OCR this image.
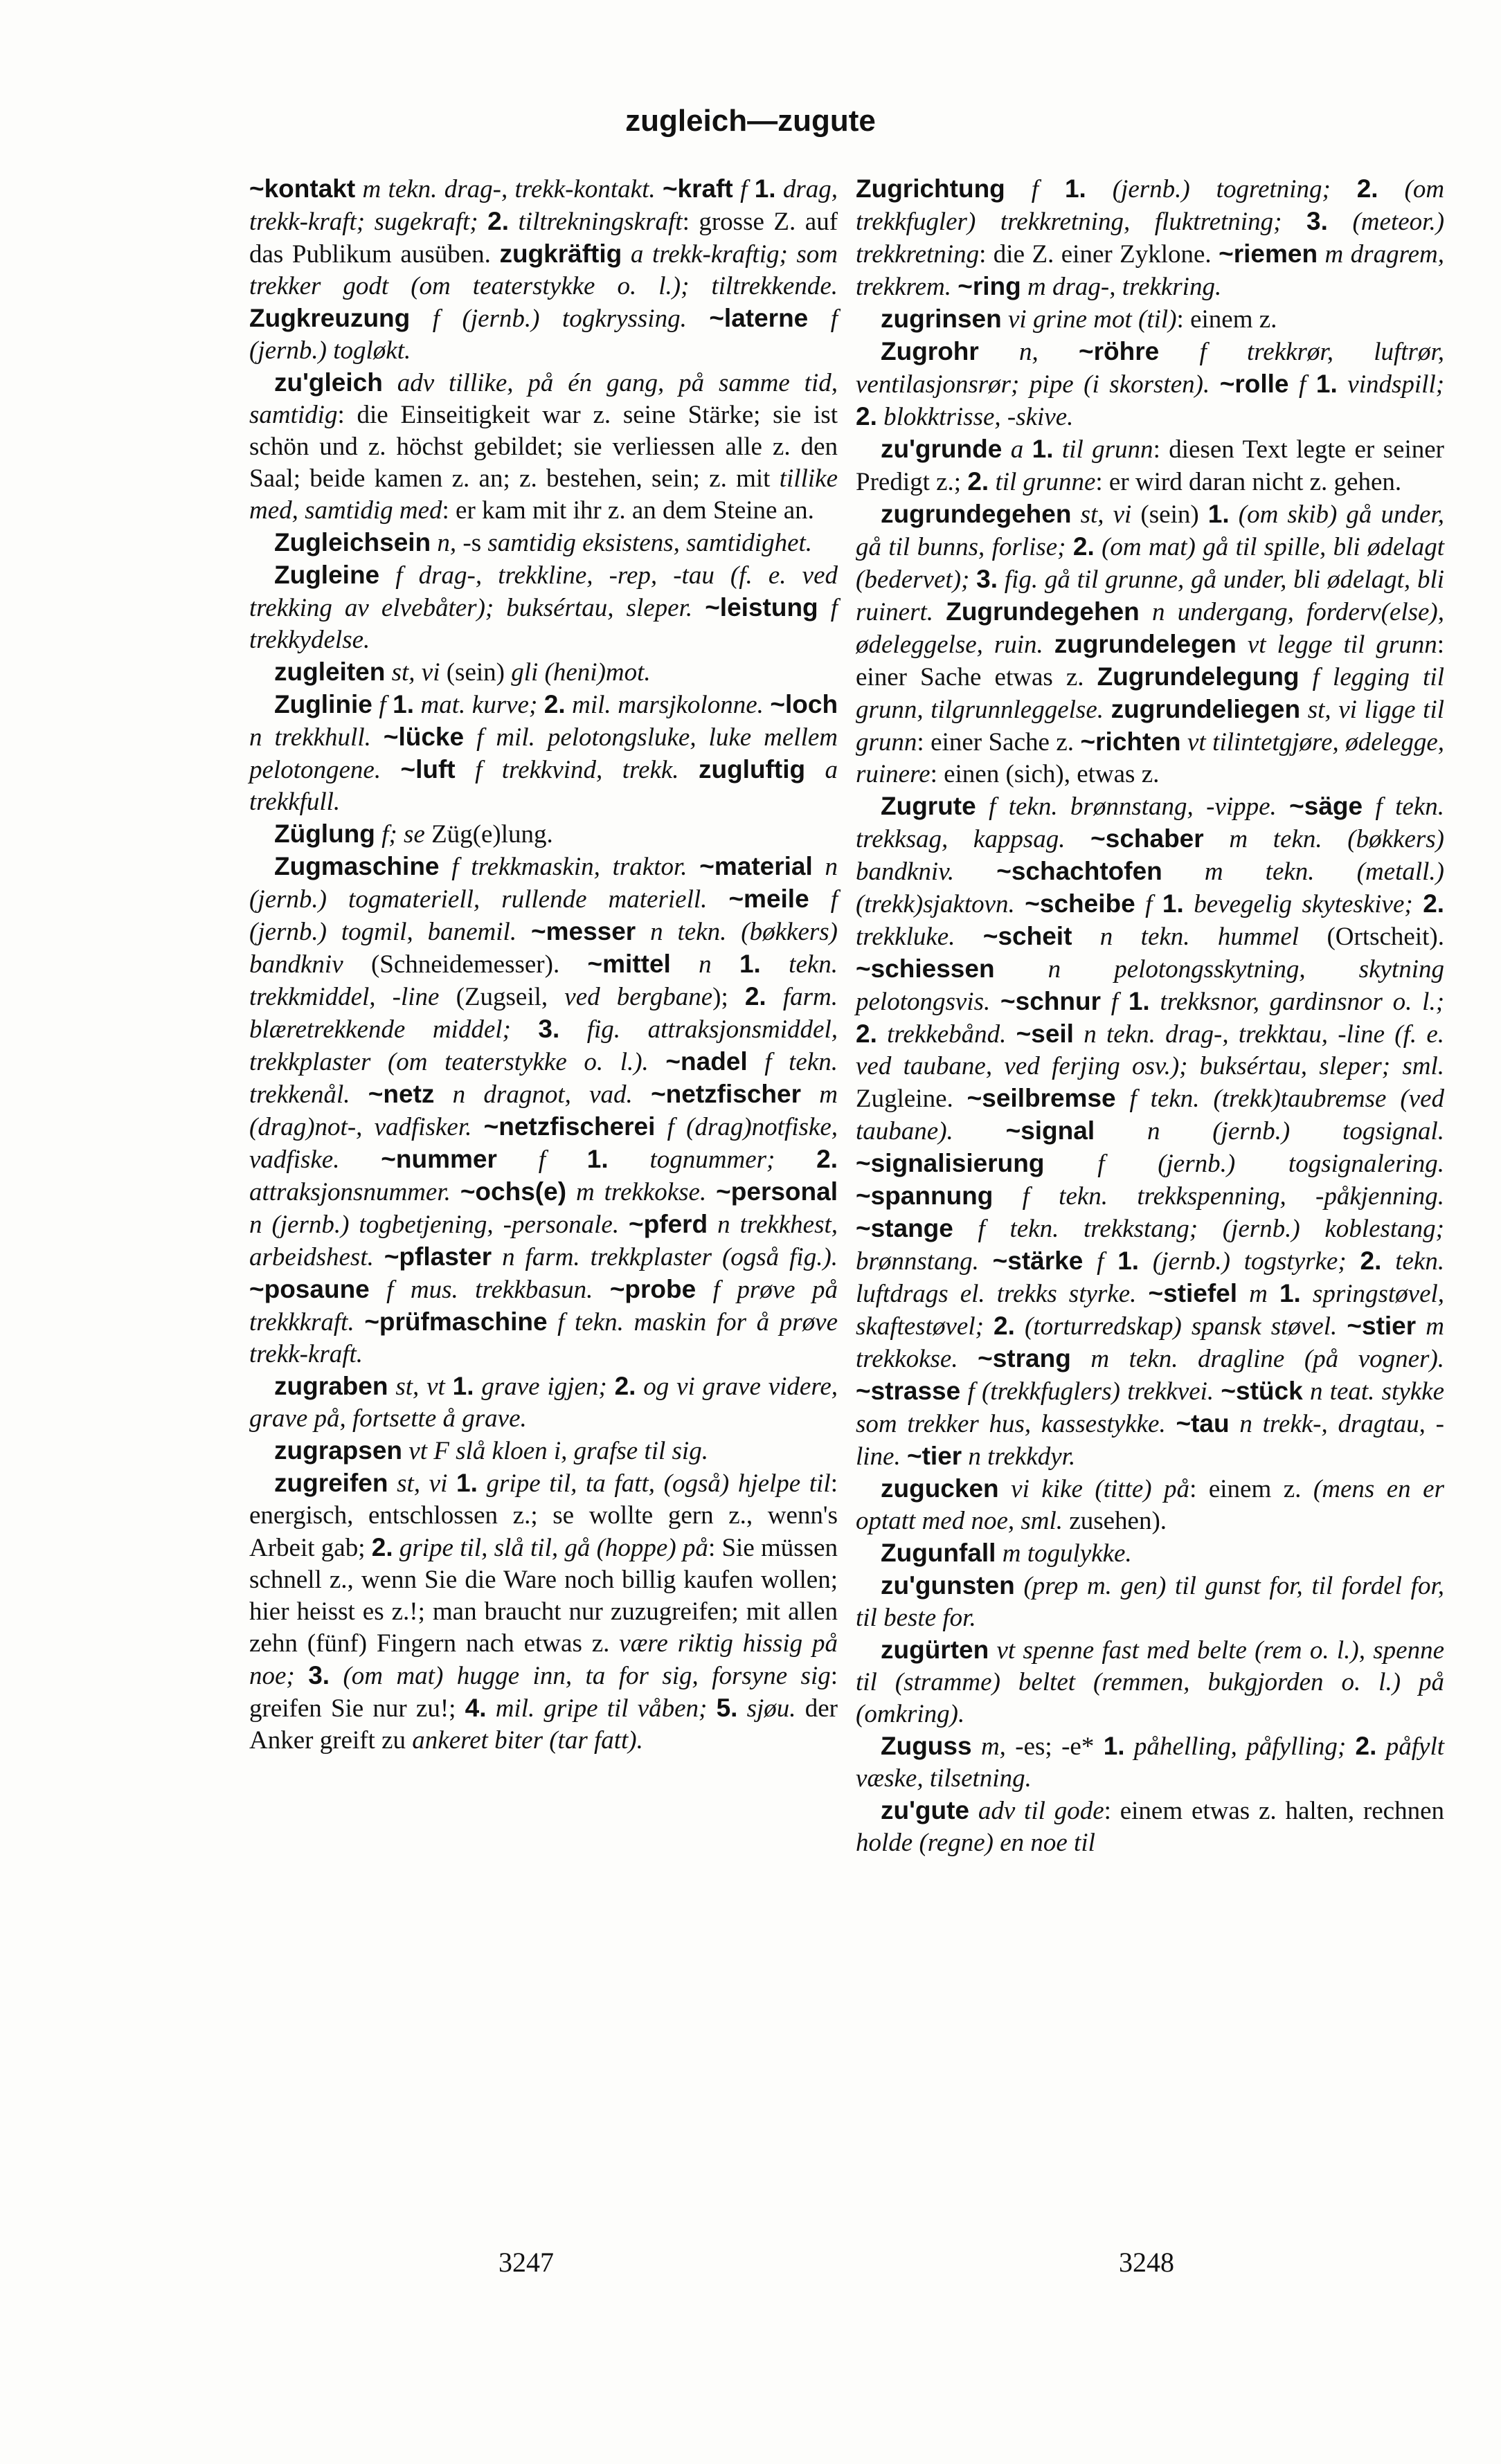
zugleich—zugute

~kontakt m tekn. drag-, trekk-kontakt. ~kraft f 1. drag, trekk-kraft; sugekraft; 2. tiltrekningskraft: grosse Z. auf das Publikum ausüben. zugkräftig a trekk-kraftig; som trekker godt (om teaterstykke o. l.); tiltrekkende. Zugkreuzung f (jernb.) togkryssing. ~laterne f (jernb.) togløkt.

zu'gleich adv tillike, på én gang, på samme tid, samtidig: die Einseitigkeit war z. seine Stärke; sie ist schön und z. höchst gebildet; sie verliessen alle z. den Saal; beide kamen z. an; z. bestehen, sein; z. mit tillike med, samtidig med: er kam mit ihr z. an dem Steine an.

Zugleichsein n, -s samtidig eksistens, samtidighet.

Zugleine f drag-, trekkline, -rep, -tau (f. e. ved trekking av elvebåter); buksértau, sleper. ~leistung f trekkydelse.

zugleiten st, vi (sein) gli (heni)mot.

Zuglinie f 1. mat. kurve; 2. mil. marsjkolonne. ~loch n trekkhull. ~lücke f mil. pelotongsluke, luke mellem pelotongene. ~luft f trekkvind, trekk. zugluftig a trekkfull.

Züglung f; se Züg(e)lung.

Zugmaschine f trekkmaskin, traktor. ~material n (jernb.) togmateriell, rullende materiell. ~meile f (jernb.) togmil, banemil. ~messer n tekn. (bøkkers) bandkniv (Schneidemesser). ~mittel n 1. tekn. trekkmiddel, -line (Zugseil, ved bergbane); 2. farm. blæretrekkende middel; 3. fig. attraksjonsmiddel, trekkplaster (om teaterstykke o. l.). ~nadel f tekn. trekkenål. ~netz n dragnot, vad. ~netzfischer m (drag)not-, vadfisker. ~netzfischerei f (drag)notfiske, vadfiske. ~nummer f 1. tognummer; 2. attraksjonsnummer. ~ochs(e) m trekkokse. ~personal n (jernb.) togbetjening, -personale. ~pferd n trekkhest, arbeidshest. ~pflaster n farm. trekkplaster (også fig.). ~posaune f mus. trekkbasun. ~probe f prøve på trekkkraft. ~prüfmaschine f tekn. maskin for å prøve trekk-kraft.

zugraben st, vt 1. grave igjen; 2. og vi grave videre, grave på, fortsette å grave.

zugrapsen vt F slå kloen i, grafse til sig.

zugreifen st, vi 1. gripe til, ta fatt, (også) hjelpe til: energisch, entschlossen z.; se wollte gern z., wenn's Arbeit gab; 2. gripe til, slå til, gå (hoppe) på: Sie müssen schnell z., wenn Sie die Ware noch billig kaufen wollen; hier heisst es z.!; man braucht nur zuzugreifen; mit allen zehn (fünf) Fingern nach etwas z. være riktig hissig på noe; 3. (om mat) hugge inn, ta for sig, forsyne sig: greifen Sie nur zu!; 4. mil. gripe til våben; 5. sjøu. der Anker greift zu ankeret biter (tar fatt).

Zugrichtung f 1. (jernb.) togretning; 2. (om trekkfugler) trekkretning, fluktretning; 3. (meteor.) trekkretning: die Z. einer Zyklone. ~riemen m dragrem, trekkrem. ~ring m drag-, trekkring.

zugrinsen vi grine mot (til): einem z.

Zugrohr n, ~röhre f trekkrør, luftrør, ventilasjonsrør; pipe (i skorsten). ~rolle f 1. vindspill; 2. blokktrisse, -skive.

zu'grunde a 1. til grunn: diesen Text legte er seiner Predigt z.; 2. til grunne: er wird daran nicht z. gehen.

zugrundegehen st, vi (sein) 1. (om skib) gå under, gå til bunns, forlise; 2. (om mat) gå til spille, bli ødelagt (bedervet); 3. fig. gå til grunne, gå under, bli ødelagt, bli ruinert. Zugrundegehen n undergang, forderv(else), ødeleggelse, ruin. zugrundelegen vt legge til grunn: einer Sache etwas z. Zugrundelegung f legging til grunn, tilgrunnleggelse. zugrundeliegen st, vi ligge til grunn: einer Sache z. ~richten vt tilintetgjøre, ødelegge, ruinere: einen (sich), etwas z.

Zugrute f tekn. brønnstang, -vippe. ~säge f tekn. trekksag, kappsag. ~schaber m tekn. (bøkkers) bandkniv. ~schachtofen m tekn. (metall.) (trekk)sjaktovn. ~scheibe f 1. bevegelig skyteskive; 2. trekkluke. ~scheit n tekn. hummel (Ortscheit). ~schiessen n pelotongsskytning, skytning pelotongsvis. ~schnur f 1. trekksnor, gardinsnor o. l.; 2. trekkebånd. ~seil n tekn. drag-, trekktau, -line (f. e. ved taubane, ved ferjing osv.); buksértau, sleper; sml. Zugleine. ~seilbremse f tekn. (trekk)taubremse (ved taubane). ~signal n (jernb.) togsignal. ~signalisierung f (jernb.) togsignalering. ~spannung f tekn. trekkspenning, -påkjenning. ~stange f tekn. trekkstang; (jernb.) koblestang; brønnstang. ~stärke f 1. (jernb.) togstyrke; 2. tekn. luftdrags el. trekks styrke. ~stiefel m 1. springstøvel, skaftestøvel; 2. (torturredskap) spansk støvel. ~stier m trekkokse. ~strang m tekn. dragline (på vogner). ~strasse f (trekkfuglers) trekkvei. ~stück n teat. stykke som trekker hus, kassestykke. ~tau n trekk-, dragtau, -line. ~tier n trekkdyr.

zugucken vi kike (titte) på: einem z. (mens en er optatt med noe, sml. zusehen).

Zugunfall m togulykke.

zu'gunsten (prep m. gen) til gunst for, til fordel for, til beste for.

zugürten vt spenne fast med belte (rem o. l.), spenne til (stramme) beltet (remmen, bukgjorden o. l.) på (omkring).

Zuguss m, -es; -e* 1. påhelling, påfylling; 2. påfylt væske, tilsetning.

zu'gute adv til gode: einem etwas z. halten, rechnen holde (regne) en noe til

3247	3248
